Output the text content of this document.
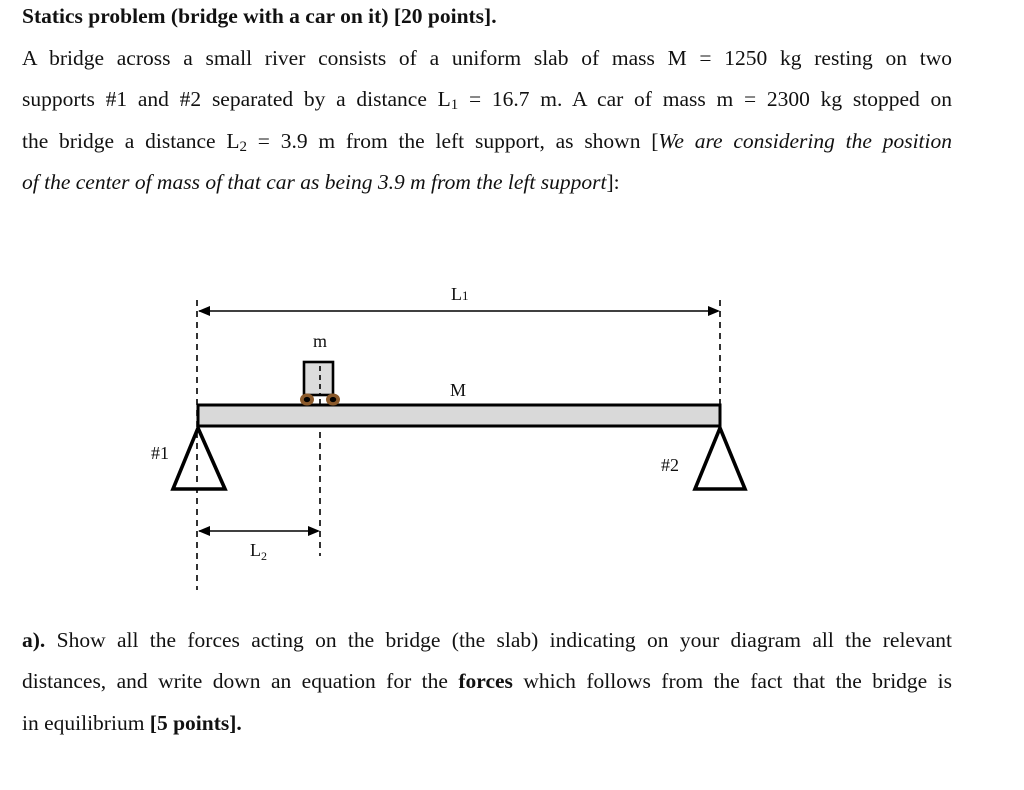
Statics problem (bridge with a car on it) [20 points].
A bridge across a small river consists of a uniform slab of mass M = 1250 kg resting on two
supports #1 and #2 separated by a distance $L_1 = 16.7$ m. A car of mass m = 2300 kg stopped on
the bridge a distance $L_2 = 3.9$ m from the left support, as shown [We are considering the position
of the center of mass of that car as being 3.9 m from the left support]:
L1
m
M
#1
#2
$L_2$
a). Show all the forces acting on the bridge (the slab) indicating on your diagram all the relevant
distances, and write down an equation for the forces which follows from the fact that the bridge is
in equilibrium [5 points].
